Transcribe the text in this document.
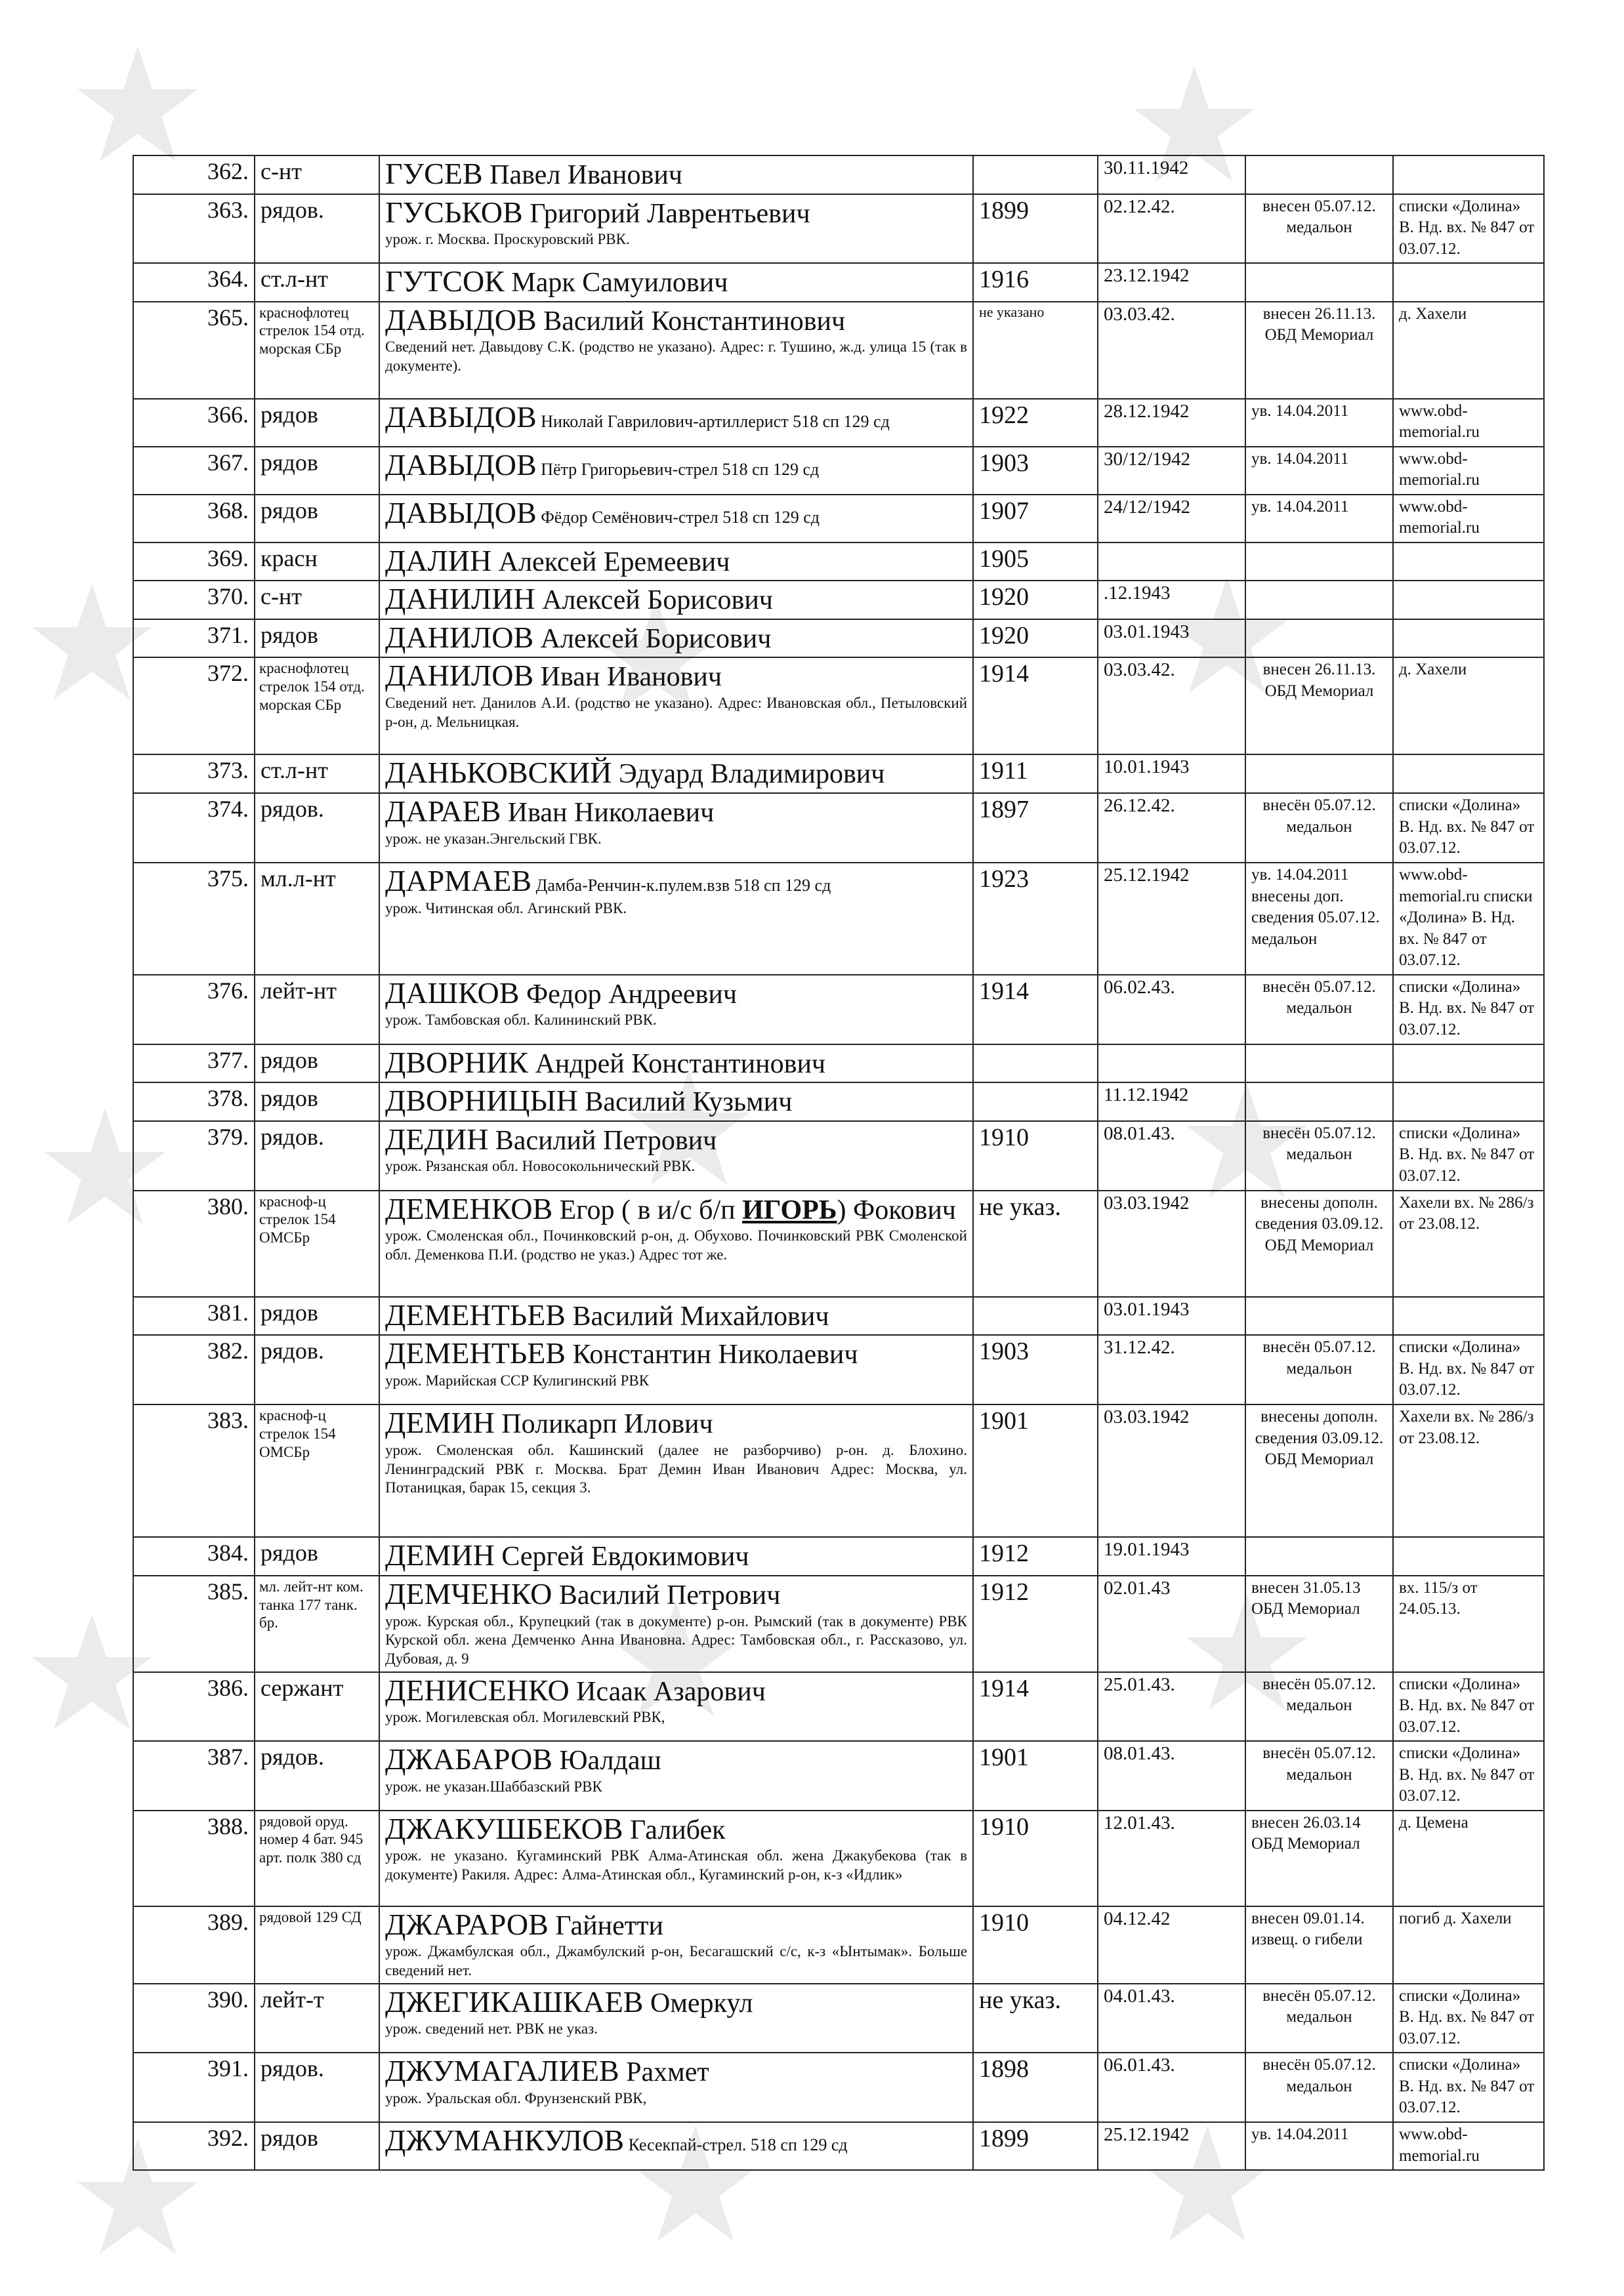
362.	с-нт	ГУСЕВ Павел Иванович		30.11.1942		
363.	рядов.	ГУСЬКОВ Григорий Лаврентьевич
урож. г. Москва. Проскуровский РВК.	1899	02.12.42.	внесен 05.07.12. медальон	списки «Долина» В. Нд. вх. № 847 от 03.07.12.
364.	ст.л-нт	ГУТСОК Марк Самуилович	1916	23.12.1942		
365.	краснофлотец стрелок 154 отд. морская СБр	ДАВЫДОВ Василий Константинович
Сведений нет. Давыдову С.К. (родство не указано). Адрес: г. Тушино, ж.д. улица 15 (так в документе).	не указано	03.03.42.	внесен 26.11.13. ОБД Мемориал	д. Хахели
366.	рядов	ДАВЫДОВ Николай Гаврилович-артиллерист 518 сп 129 сд	1922	28.12.1942	ув. 14.04.2011	www.obd-memorial.ru
367.	рядов	ДАВЫДОВ Пётр Григорьевич-стрел 518 сп 129 сд	1903	30/12/1942	ув. 14.04.2011	www.obd-memorial.ru
368.	рядов	ДАВЫДОВ Фёдор Семёнович-стрел 518 сп 129 сд	1907	24/12/1942	ув. 14.04.2011	www.obd-memorial.ru
369.	красн	ДАЛИН Алексей Еремеевич	1905			
370.	с-нт	ДАНИЛИН Алексей Борисович	1920	.12.1943		
371.	рядов	ДАНИЛОВ Алексей Борисович	1920	03.01.1943		
372.	краснофлотец стрелок 154 отд. морская СБр	ДАНИЛОВ Иван Иванович
Сведений нет. Данилов А.И. (родство не указано). Адрес: Ивановская обл., Петыловский р-он, д. Мельницкая.	1914	03.03.42.	внесен 26.11.13. ОБД Мемориал	д. Хахели
373.	ст.л-нт	ДАНЬКОВСКИЙ Эдуард Владимирович	1911	10.01.1943		
374.	рядов.	ДАРАЕВ Иван Николаевич
урож. не указан.Энгельский ГВК.	1897	26.12.42.	внесён 05.07.12. медальон	списки «Долина» В. Нд. вх. № 847 от 03.07.12.
375.	мл.л-нт	ДАРМАЕВ Дамба-Ренчин-к.пулем.взв 518 сп 129 сд
урож. Читинская обл. Агинский РВК.	1923	25.12.1942	ув. 14.04.2011 внесены доп. сведения 05.07.12. медальон	www.obd-memorial.ru списки «Долина» В. Нд. вх. № 847 от 03.07.12.
376.	лейт-нт	ДАШКОВ Федор Андреевич
урож. Тамбовская обл. Калининский РВК.	1914	06.02.43.	внесён 05.07.12. медальон	списки «Долина» В. Нд. вх. № 847 от 03.07.12.
377.	рядов	ДВОРНИК Андрей Константинович				

378.	рядов	ДВОРНИЦЫН Василий Кузьмич		11.12.1942		
379.	рядов.	ДЕДИН Василий Петрович
урож. Рязанская обл. Новосокольнический РВК.	1910	08.01.43.	внесён 05.07.12. медальон	списки «Долина» В. Нд. вх. № 847 от 03.07.12.
380.	красноф-ц стрелок 154 ОМСБр	ДЕМЕНКОВ Егор ( в и/с б/п ИГОРЬ) Фокович
урож. Смоленская обл., Починковский р-он, д. Обухово. Починковский РВК Смоленской обл. Деменкова П.И. (родство не указ.) Адрес тот же.	не указ.	03.03.1942	внесены дополн. сведения 03.09.12. ОБД Мемориал	Хахели вх. № 286/з от 23.08.12.
381.	рядов	ДЕМЕНТЬЕВ Василий Михайлович		03.01.1943		
382.	рядов.	ДЕМЕНТЬЕВ Константин Николаевич
урож. Марийская ССР Кулигинский РВК	1903	31.12.42.	внесён 05.07.12. медальон	списки «Долина» В. Нд. вх. № 847 от 03.07.12.
383.	красноф-ц стрелок 154 ОМСБр	ДЕМИН Поликарп Илович
урож. Смоленская обл. Кашинский (далее не разборчиво) р-он. д. Блохино. Ленинградский РВК г. Москва. Брат Демин Иван Иванович Адрес: Москва, ул. Потаницкая, барак 15, секция 3.	1901	03.03.1942	внесены дополн. сведения 03.09.12. ОБД Мемориал	Хахели вх. № 286/з от 23.08.12.
384.	рядов	ДЕМИН Сергей Евдокимович	1912	19.01.1943		
385.	мл. лейт-нт ком. танка 177 танк. бр.	ДЕМЧЕНКО Василий Петрович
урож. Курская обл., Крупецкий (так в документе) р-он. Рымский (так в документе) РВК Курской обл. жена Демченко Анна Ивановна. Адрес: Тамбовская обл., г. Рассказово, ул. Дубовая, д. 9	1912	02.01.43	внесен 31.05.13 ОБД Мемориал	вх. 115/з от 24.05.13.
386.	сержант	ДЕНИСЕНКО Исаак Азарович
урож. Могилевская обл. Могилевский РВК,	1914	25.01.43.	внесён 05.07.12. медальон	списки «Долина» В. Нд. вх. № 847 от 03.07.12.
387.	рядов.	ДЖАБАРОВ Юалдаш
урож. не указан.Шаббазский РВК	1901	08.01.43.	внесён 05.07.12. медальон	списки «Долина» В. Нд. вх. № 847 от 03.07.12.
388.	рядовой оруд. номер 4 бат. 945 арт. полк 380 сд	ДЖАКУШБЕКОВ Галибек
урож. не указано. Кугаминский РВК Алма-Атинская обл. жена Джакубекова (так в документе) Ракиля. Адрес: Алма-Атинская обл., Кугаминский р-он, к-з «Идлик»	1910	12.01.43.	внесен 26.03.14 ОБД Мемориал	д. Цемена
389.	рядовой 129 СД	ДЖАРАРОВ Гайнетти
урож. Джамбулская обл., Джамбулский р-он, Бесагашский с/с, к-з «Ынтымак». Больше сведений нет.	1910	04.12.42	внесен 09.01.14. извещ. о гибели	погиб д. Хахели
390.	лейт-т	ДЖЕГИКАШКАЕВ Омеркул
урож. сведений нет. РВК не указ.	не указ.	04.01.43.	внесён 05.07.12. медальон	списки «Долина» В. Нд. вх. № 847 от 03.07.12.
391.	рядов.	ДЖУМАГАЛИЕВ Рахмет
урож. Уральская обл. Фрунзенский РВК,	1898	06.01.43.	внесён 05.07.12. медальон	списки «Долина» В. Нд. вх. № 847 от 03.07.12.
392.	рядов	ДЖУМАНКУЛОВ Кесекпай-стрел. 518 сп 129 сд	1899	25.12.1942	ув. 14.04.2011	www.obd-memorial.ru
